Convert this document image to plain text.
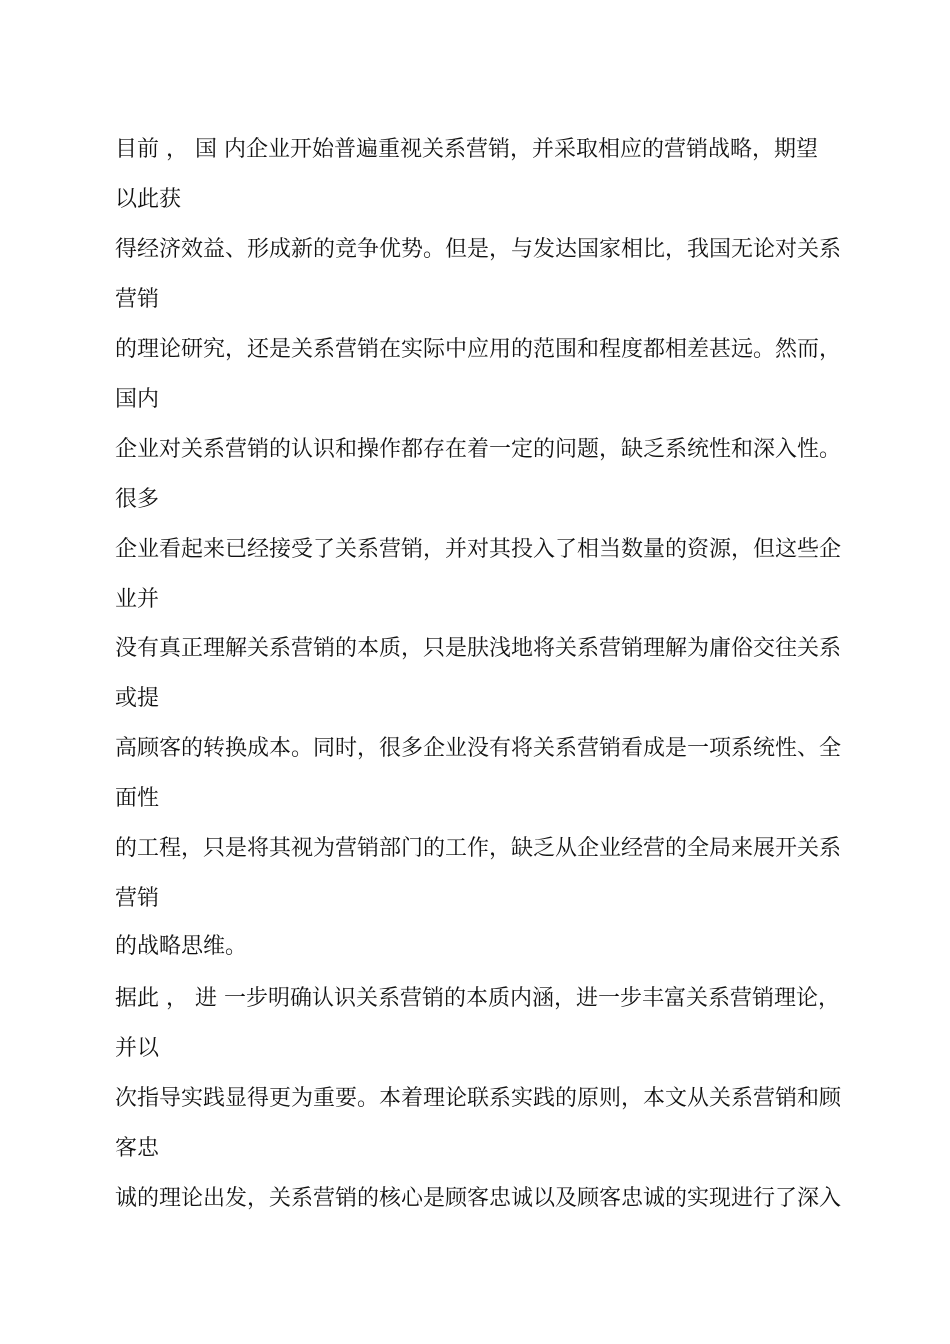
目前 ， 国 内企业开始普遍重视关系营销，并采取相应的营销战略，期望

以此获

得经济效益、形成新的竞争优势。但是，与发达国家相比，我国无论对关系

营销

的理论研究，还是关系营销在实际中应用的范围和程度都相差甚远。然而，

国内

企业对关系营销的认识和操作都存在着一定的问题，缺乏系统性和深入性。

很多

企业看起来已经接受了关系营销，并对其投入了相当数量的资源，但这些企

业并

没有真正理解关系营销的本质，只是肤浅地将关系营销理解为庸俗交往关系

或提

高顾客的转换成本。同时，很多企业没有将关系营销看成是一项系统性、全

面性

的工程，只是将其视为营销部门的工作，缺乏从企业经营的全局来展开关系

营销

的战略思维。

据此 ， 进 一步明确认识关系营销的本质内涵，进一步丰富关系营销理论，

并以

次指导实践显得更为重要。本着理论联系实践的原则，本文从关系营销和顾

客忠

诚的理论出发，关系营销的核心是顾客忠诚以及顾客忠诚的实现进行了深入
